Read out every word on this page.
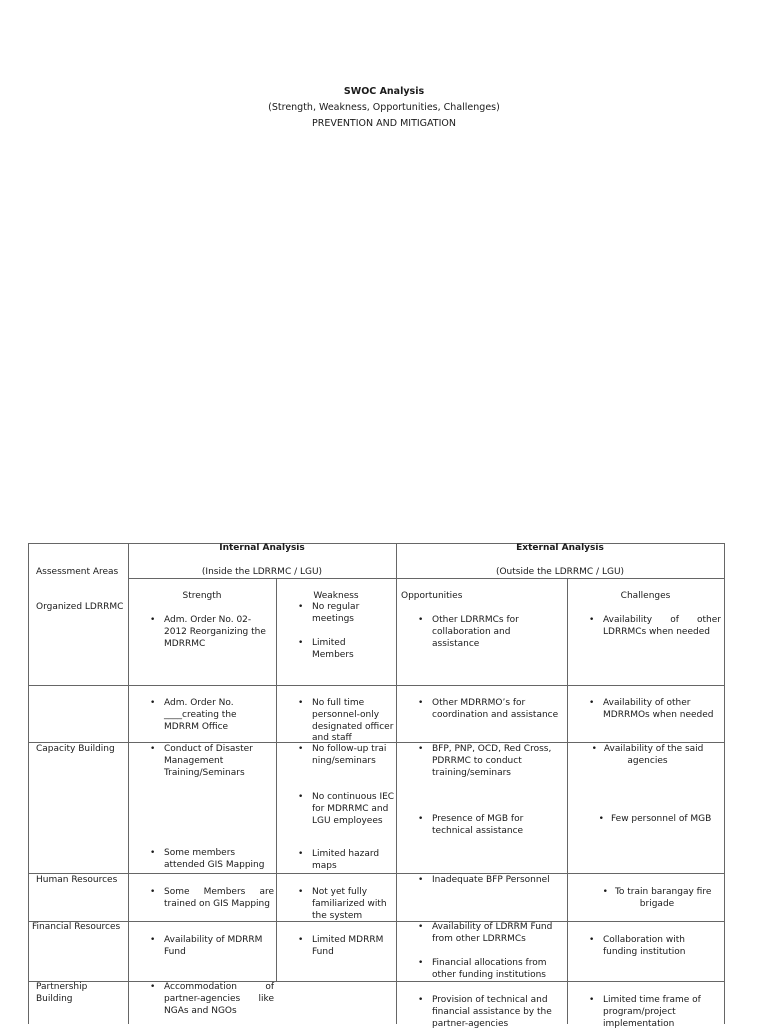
SWOC Analysis
(Strength, Weakness, Opportunities, Challenges)
PREVENTION AND MITIGATION
Assessment Areas
Internal Analysis
(Inside the LDRRMC / LGU)
External Analysis
(Outside the LDRRMC / LGU)
Strength	Weakness	Opportunities	Challenges
Organized LDRRMC
• Adm. Order No. 02-2012 Reorganizing the MDRRMC
• No regular meetings
• Limited Members
• Other LDRRMCs for collaboration and assistance
• Availability of other LDRRMCs when needed
• Adm. Order No. ____creating the MDRRM Office
• No full time personnel-only designated officer and staff
• Other MDRRMO’s for coordination and assistance
• Availability of other MDRRMOs when needed
Capacity Building
•	Conduct of Disaster Management Training/Seminars
• Some members attended GIS Mapping
• No follow-up training/seminars
• No continuous IEC for MDRRMC and LGU employees
• Limited hazard maps
• BFP, PNP, OCD, Red Cross, PDRRMC to conduct training/seminars
• Presence of MGB for technical assistance
• Availability of the said agencies
• Few personnel of MGB
Human Resources
• Some Members are trained on GIS Mapping
• Not yet fully familiarized with the system
• Inadequate BFP Personnel
• To train barangay fire brigade
Financial Resources
• Availability of MDRRM Fund
• Limited MDRRM Fund
• Availability of LDRRM Fund from other LDRRMCs
• Financial allocations from other funding institutions
• Collaboration with funding institution
Partnership Building
• Accommodation of partner-agencies like NGAs and NGOs
• Provision of technical and financial assistance by the partner-agencies
• Limited time frame of program/project implementation
